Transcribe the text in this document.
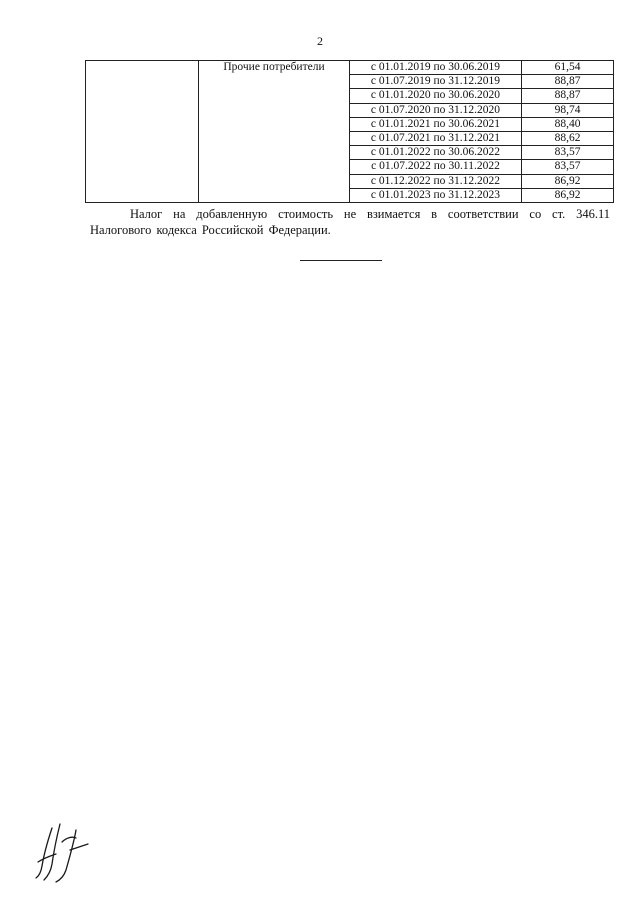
2
	Прочие потребители	с 01.01.2019 по 30.06.2019	61,54
		с 01.07.2019 по 31.12.2019	88,87
		с 01.01.2020 по 30.06.2020	88,87
		с 01.07.2020 по 31.12.2020	98,74
		с 01.01.2021 по 30.06.2021	88,40
		с 01.07.2021 по 31.12.2021	88,62
		с 01.01.2022 по 30.06.2022	83,57
		с 01.07.2022 по 30.11.2022	83,57
		с 01.12.2022 по 31.12.2022	86,92
		с 01.01.2023 по 31.12.2023	86,92

Налог на добавленную стоимость не взимается в соответствии со ст. 346.11 Налогового кодекса Российской Федерации.
